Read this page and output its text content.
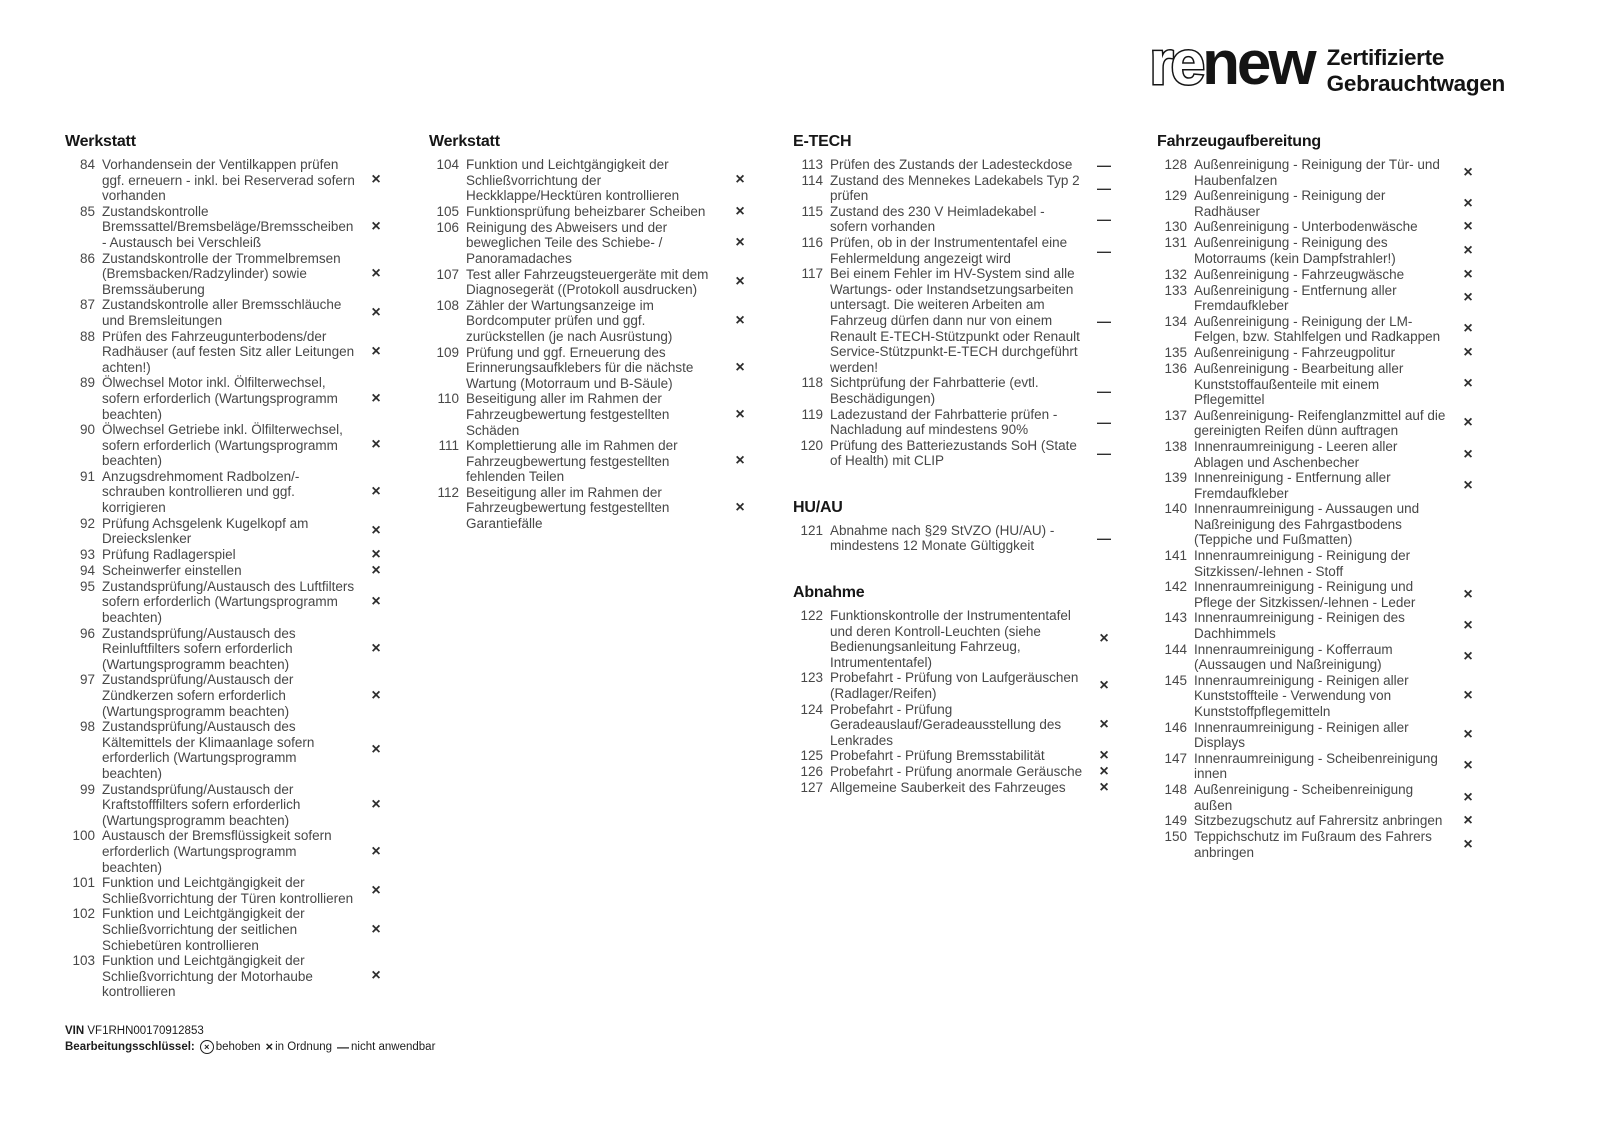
renew Zertifizierte
Gebrauchtwagen
Werkstatt
84 Vorhandensein der Ventilkappen prüfen ggf. erneuern - inkl. bei Reserverad sofern vorhanden
×
85 Zustandskontrolle Bremssattel/Bremsbeläge/Bremsscheiben - Austausch bei Verschleiß
×
86 Zustandskontrolle der Trommelbremsen (Bremsbacken/Radzylinder) sowie Bremssäuberung
×
87 Zustandskontrolle aller Bremsschläuche und Bremsleitungen	×
88 Prüfen des Fahrzeugunterbodens/der Radhäuser (auf festen Sitz aller Leitungen achten!)
×
89 Ölwechsel Motor inkl. Ölfilterwechsel, sofern erforderlich (Wartungsprogramm beachten)
×
90 Ölwechsel Getriebe inkl. Ölfilterwechsel, sofern erforderlich (Wartungsprogramm beachten)
×
91 Anzugsdrehmoment Radbolzen/-schrauben kontrollieren und ggf. korrigieren
×
92 Prüfung Achsgelenk Kugelkopf am Dreieckslenker	×
93 Prüfung Radlagerspiel	×
94 Scheinwerfer einstellen	×
95 Zustandsprüfung/Austausch des Luftfilters sofern erforderlich (Wartungsprogramm beachten)
×
96 Zustandsprüfung/Austausch des Reinluftfilters sofern erforderlich (Wartungsprogramm beachten)
×
97 Zustandsprüfung/Austausch der Zündkerzen sofern erforderlich (Wartungsprogramm beachten)
×
98 Zustandsprüfung/Austausch des Kältemittels der Klimaanlage sofern erforderlich (Wartungsprogramm beachten)
×
99 Zustandsprüfung/Austausch der Kraftstofffilters sofern erforderlich (Wartungsprogramm beachten)
×
100 Austausch der Bremsflüssigkeit sofern erforderlich (Wartungsprogramm beachten)
×
101 Funktion und Leichtgängigkeit der Schließvorrichtung der Türen kontrollieren	×
102 Funktion und Leichtgängigkeit der Schließvorrichtung der seitlichen Schiebetüren kontrollieren
×
103 Funktion und Leichtgängigkeit der Schließvorrichtung der Motorhaube kontrollieren
×
Werkstatt
104 Funktion und Leichtgängigkeit der Schließvorrichtung der Heckklappe/Hecktüren kontrollieren
×
105 Funktionsprüfung beheizbarer Scheiben	×
106 Reinigung des Abweisers und der beweglichen Teile des Schiebe- / Panoramadaches
×
107 Test aller Fahrzeugsteuergeräte mit dem Diagnosegerät ((Protokoll ausdrucken)	×
108 Zähler der Wartungsanzeige im Bordcomputer prüfen und ggf. zurückstellen (je nach Ausrüstung)
×
109 Prüfung und ggf. Erneuerung des Erinnerungsaufklebers für die nächste Wartung (Motorraum und B-Säule)
×
110 Beseitigung aller im Rahmen der Fahrzeugbewertung festgestellten Schäden
×
111 Komplettierung alle im Rahmen der Fahrzeugbewertung festgestellten fehlenden Teilen
×
112 Beseitigung aller im Rahmen der Fahrzeugbewertung festgestellten Garantiefälle
×
E-TECH
113 Prüfen des Zustands der Ladesteckdose	—
114 Zustand des Mennekes Ladekabels Typ 2 prüfen	—
115 Zustand des 230 V Heimladekabel - sofern vorhanden	—
116 Prüfen, ob in der Instrumententafel eine Fehlermeldung angezeigt wird	—
117 Bei einem Fehler im HV-System sind alle Wartungs- oder Instandsetzungsarbeiten untersagt. Die weiteren Arbeiten am Fahrzeug dürfen dann nur von einem Renault E-TECH-Stützpunkt oder Renault Service-Stützpunkt-E-TECH durchgeführt werden!
—
118 Sichtprüfung der Fahrbatterie (evtl. Beschädigungen)	—
119 Ladezustand der Fahrbatterie prüfen - Nachladung auf mindestens 90%	—
120 Prüfung des Batteriezustands SoH (State of Health) mit CLIP	—
HU/AU
121 Abnahme nach §29 StVZO (HU/AU) - mindestens 12 Monate Gültiggkeit	—
Abnahme
122 Funktionskontrolle der Instrumententafel und deren Kontroll-Leuchten (siehe Bedienungsanleitung Fahrzeug, Intrumententafel)
×
123 Probefahrt - Prüfung von Laufgeräuschen (Radlager/Reifen)	×
124 Probefahrt - Prüfung Geradeauslauf/Geradeausstellung des Lenkrades
×
125 Probefahrt - Prüfung Bremsstabilität	×
126 Probefahrt - Prüfung anormale Geräusche	×
127 Allgemeine Sauberkeit des Fahrzeuges	×
Fahrzeugaufbereitung
128 Außenreinigung - Reinigung der Tür- und Haubenfalzen	×
129 Außenreinigung - Reinigung der Radhäuser	×
130 Außenreinigung - Unterbodenwäsche	×
131 Außenreinigung - Reinigung des Motorraums (kein Dampfstrahler!)	×
132 Außenreinigung - Fahrzeugwäsche	×
133 Außenreinigung - Entfernung aller Fremdaufkleber	×
134 Außenreinigung - Reinigung der LM-Felgen, bzw. Stahlfelgen und Radkappen	×
135 Außenreinigung - Fahrzeugpolitur	×
136 Außenreinigung - Bearbeitung aller Kunststoffaußenteile mit einem Pflegemittel
×
137 Außenreinigung- Reifenglanzmittel auf die gereinigten Reifen dünn auftragen	×
138 Innenraumreinigung - Leeren aller Ablagen und Aschenbecher	×
139 Innenreinigung - Entfernung aller Fremdaufkleber	×
140 Innenraumreinigung - Aussaugen und Naßreinigung des Fahrgastbodens (Teppiche und Fußmatten)
141 Innenraumreinigung - Reinigung der Sitzkissen/-lehnen - Stoff
142 Innenraumreinigung - Reinigung und Pflege der Sitzkissen/-lehnen - Leder	×
143 Innenraumreinigung - Reinigen des Dachhimmels	×
144 Innenraumreinigung - Kofferraum (Aussaugen und Naßreinigung)	×
145 Innenraumreinigung - Reinigen aller Kunststoffteile - Verwendung von Kunststoffpflegemitteln
×
146 Innenraumreinigung - Reinigen aller Displays	×
147 Innenraumreinigung - Scheibenreinigung innen	×
148 Außenreinigung - Scheibenreinigung außen	×
149 Sitzbezugschutz auf Fahrersitz anbringen	×
150 Teppichschutz im Fußraum des Fahrers anbringen	×
VIN VF1RHN00170912853
Bearbeitungsschlüssel:	× behoben × in Ordnung — nicht anwendbar
